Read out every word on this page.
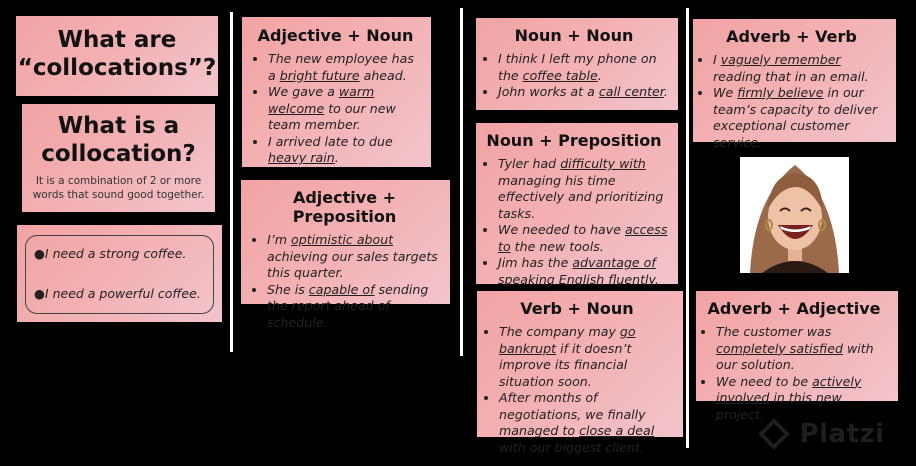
What are “collocations”?
What is a collocation?
It is a combination of 2 or more words that sound good together.
●I need a strong coffee.
●I need a powerful coffee.
Adjective + Noun
• The new employee has a bright future ahead.
• We gave a warm welcome to our new team member.
• I arrived late to due heavy rain.
Adjective + Preposition
• I’m optimistic about achieving our sales targets this quarter.
• She is capable of sending the report ahead of schedule.
Noun + Noun
• I think I left my phone on the coffee table.
• John works at a call center.
Noun + Preposition
• Tyler had difficulty with managing his time effectively and prioritizing tasks.
• We needed to have access to the new tools.
• Jim has the advantage of speaking English fluently.
Verb + Noun
• The company may go bankrupt if it doesn’t improve its financial situation soon.
• After months of negotiations, we finally managed to close a deal with our biggest client.
Adverb + Verb
• I vaguely remember reading that in an email.
• We firmly believe in our team’s capacity to deliver exceptional customer service.
Adverb + Adjective
• The customer was completely satisfied with our solution.
• We need to be actively involved in this new project.
Platzi
